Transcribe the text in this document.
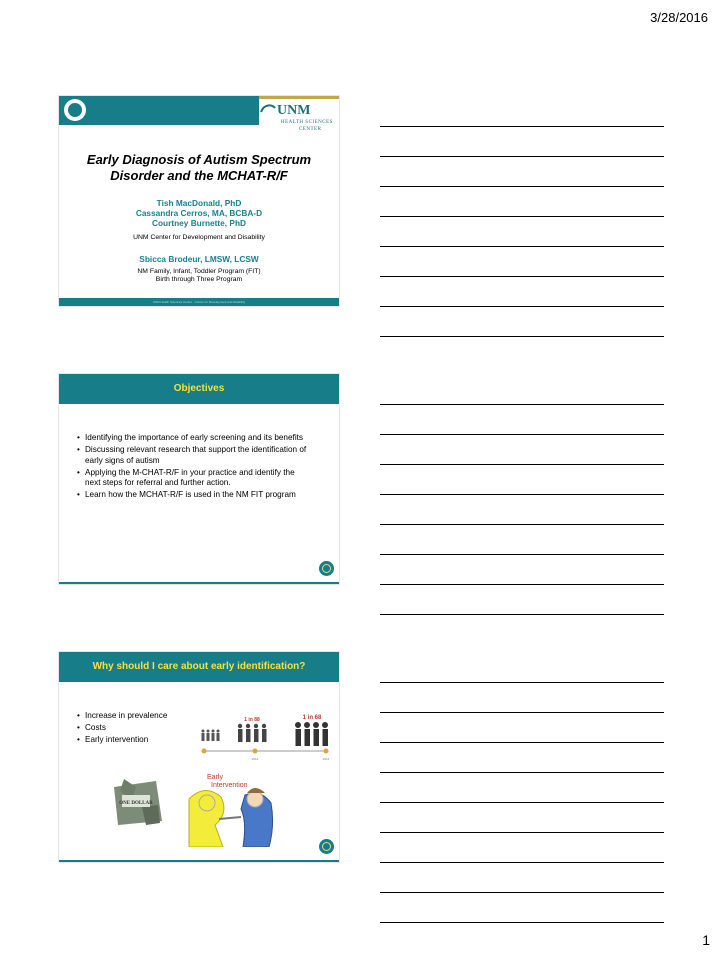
3/28/2016
UNM
HEALTH SCIENCES
CENTER
Early Diagnosis of Autism Spectrum
Disorder and the MCHAT-R/F
Tish MacDonald, PhD
Cassandra Cerros, MA, BCBA-D
Courtney Burnette, PhD
UNM Center for Development and Disability
Sbicca Brodeur, LMSW, LCSW
NM Family, Infant, Toddler Program (FIT)
Birth through Three Program
UNM Health Sciences Center · Center for Development and Disability
Objectives
• Identifying the importance of early screening and its benefits
• Discussing relevant research that support the identification of early signs of autism
• Applying the M-CHAT-R/F in your practice and identify the next steps for referral and further action.
• Learn how the MCHAT-R/F is used in the NM FIT program
Why should I care about early identification?
• Increase in prevalence
• Costs
• Early intervention
1 in 88	1 in 68
2012	2014
ONE DOLLAR
Early
Intervention
1
